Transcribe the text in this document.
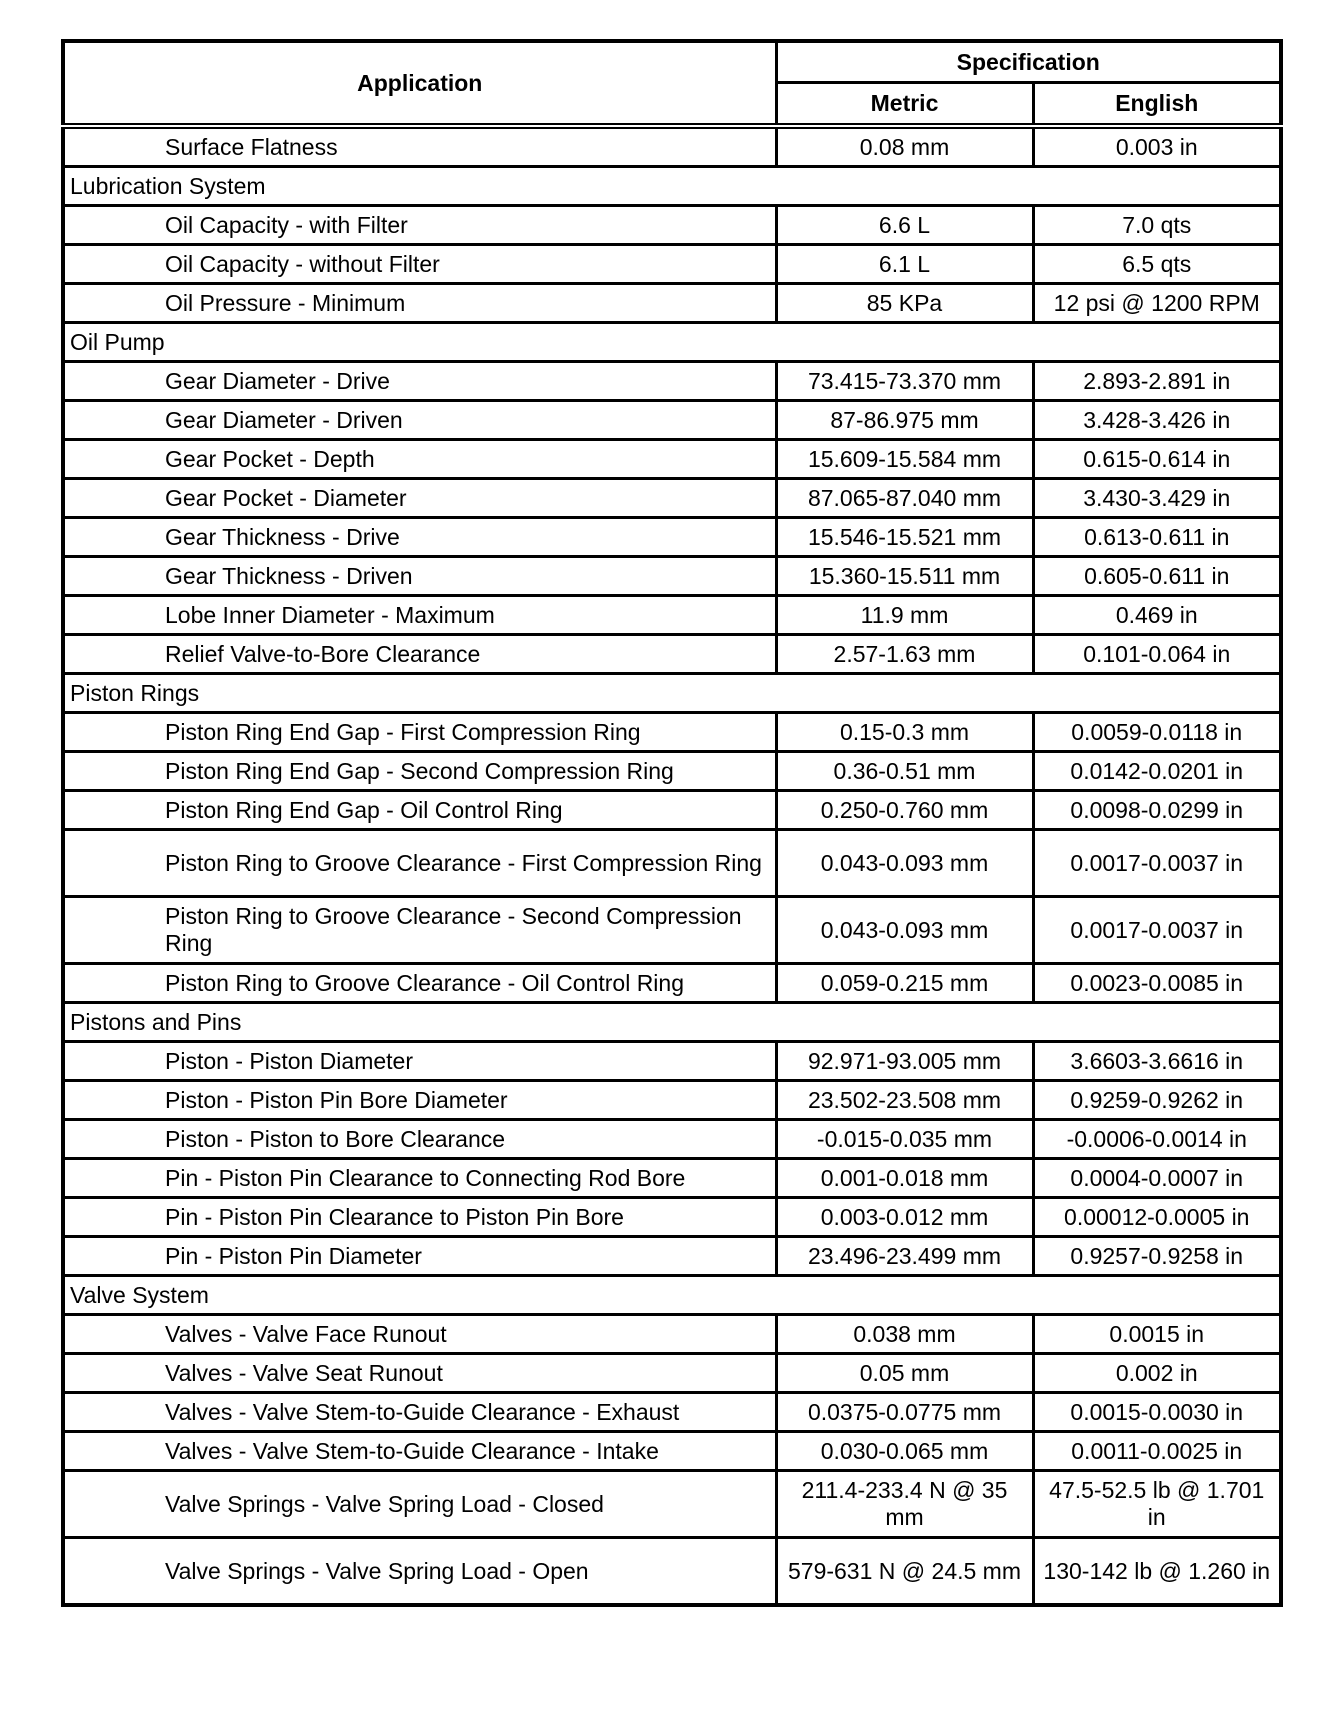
Application	Specification	
	Metric	English
Surface Flatness	0.08 mm	0.003 in
Lubrication System		
Oil Capacity - with Filter	6.6 L	7.0 qts
Oil Capacity - without Filter	6.1 L	6.5 qts
Oil Pressure - Minimum	85 KPa	12 psi @ 1200 RPM
Oil Pump		
Gear Diameter - Drive	73.415-73.370 mm	2.893-2.891 in
Gear Diameter - Driven	87-86.975 mm	3.428-3.426 in
Gear Pocket - Depth	15.609-15.584 mm	0.615-0.614 in
Gear Pocket - Diameter	87.065-87.040 mm	3.430-3.429 in
Gear Thickness - Drive	15.546-15.521 mm	0.613-0.611 in
Gear Thickness - Driven	15.360-15.511 mm	0.605-0.611 in
Lobe Inner Diameter - Maximum	11.9 mm	0.469 in
Relief Valve-to-Bore Clearance	2.57-1.63 mm	0.101-0.064 in
Piston Rings		
Piston Ring End Gap - First Compression Ring	0.15-0.3 mm	0.0059-0.0118 in
Piston Ring End Gap - Second Compression Ring	0.36-0.51 mm	0.0142-0.0201 in
Piston Ring End Gap - Oil Control Ring	0.250-0.760 mm	0.0098-0.0299 in
Piston Ring to Groove Clearance - First Compression Ring	0.043-0.093 mm	0.0017-0.0037 in
Piston Ring to Groove Clearance - Second Compression Ring	0.043-0.093 mm	0.0017-0.0037 in
Piston Ring to Groove Clearance - Oil Control Ring	0.059-0.215 mm	0.0023-0.0085 in
Pistons and Pins		
Piston - Piston Diameter	92.971-93.005 mm	3.6603-3.6616 in
Piston - Piston Pin Bore Diameter	23.502-23.508 mm	0.9259-0.9262 in
Piston - Piston to Bore Clearance	-0.015-0.035 mm	-0.0006-0.0014 in
Pin - Piston Pin Clearance to Connecting Rod Bore	0.001-0.018 mm	0.0004-0.0007 in
Pin - Piston Pin Clearance to Piston Pin Bore	0.003-0.012 mm	0.00012-0.0005 in
Pin - Piston Pin Diameter	23.496-23.499 mm	0.9257-0.9258 in
Valve System		
Valves - Valve Face Runout	0.038 mm	0.0015 in
Valves - Valve Seat Runout	0.05 mm	0.002 in
Valves - Valve Stem-to-Guide Clearance - Exhaust	0.0375-0.0775 mm	0.0015-0.0030 in
Valves - Valve Stem-to-Guide Clearance - Intake	0.030-0.065 mm	0.0011-0.0025 in
Valve Springs - Valve Spring Load - Closed	211.4-233.4 N @ 35 mm	47.5-52.5 lb @ 1.701 in
Valve Springs - Valve Spring Load - Open	579-631 N @ 24.5 mm	130-142 lb @ 1.260 in
